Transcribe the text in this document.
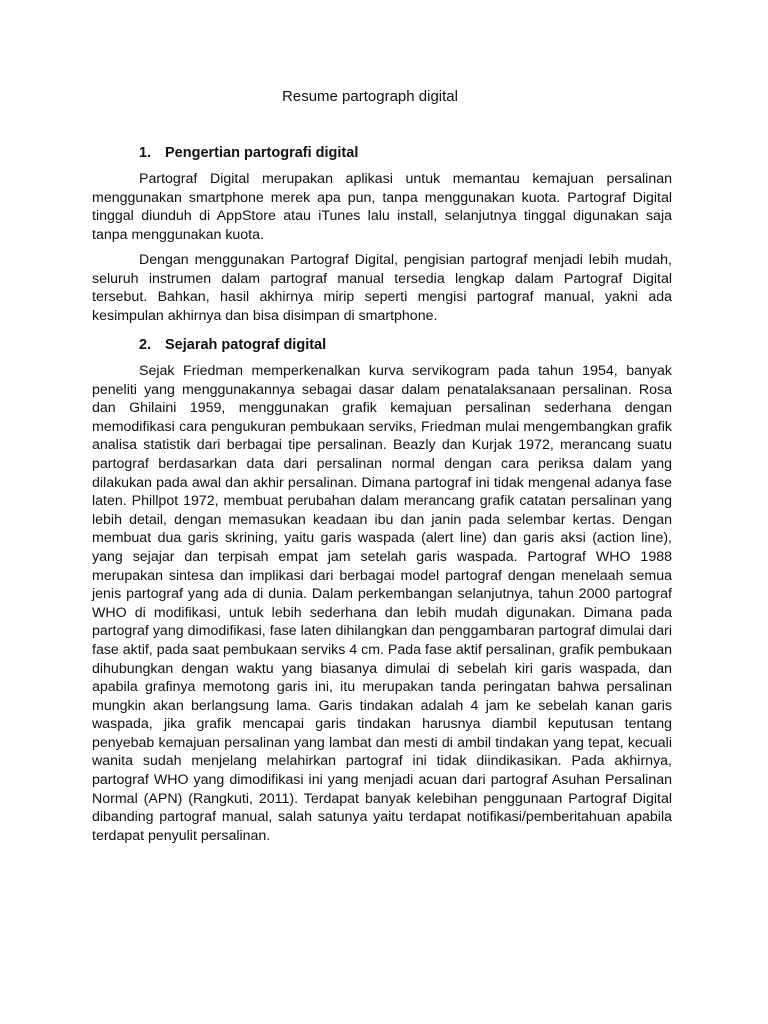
Resume partograph digital
1. Pengertian partografi digital

Partograf Digital merupakan aplikasi untuk memantau kemajuan persalinan menggunakan smartphone merek apa pun, tanpa menggunakan kuota. Partograf Digital tinggal diunduh di AppStore atau iTunes lalu install, selanjutnya tinggal digunakan saja tanpa menggunakan kuota.

Dengan menggunakan Partograf Digital, pengisian partograf menjadi lebih mudah, seluruh instrumen dalam partograf manual tersedia lengkap dalam Partograf Digital tersebut. Bahkan, hasil akhirnya mirip seperti mengisi partograf manual, yakni ada kesimpulan akhirnya dan bisa disimpan di smartphone.

2. Sejarah patograf digital

Sejak Friedman memperkenalkan kurva servikogram pada tahun 1954, banyak peneliti yang menggunakannya sebagai dasar dalam penatalaksanaan persalinan. Rosa dan Ghilaini 1959, menggunakan grafik kemajuan persalinan sederhana dengan memodifikasi cara pengukuran pembukaan serviks, Friedman mulai mengembangkan grafik analisa statistik dari berbagai tipe persalinan. Beazly dan Kurjak 1972, merancang suatu partograf berdasarkan data dari persalinan normal dengan cara periksa dalam yang dilakukan pada awal dan akhir persalinan. Dimana partograf ini tidak mengenal adanya fase laten. Phillpot 1972, membuat perubahan dalam merancang grafik catatan persalinan yang lebih detail, dengan memasukan keadaan ibu dan janin pada selembar kertas. Dengan membuat dua garis skrining, yaitu garis waspada (alert line) dan garis aksi (action line), yang sejajar dan terpisah empat jam setelah garis waspada. Partograf WHO 1988 merupakan sintesa dan implikasi dari berbagai model partograf dengan menelaah semua jenis partograf yang ada di dunia. Dalam perkembangan selanjutnya, tahun 2000 partograf WHO di modifikasi, untuk lebih sederhana dan lebih mudah digunakan. Dimana pada partograf yang dimodifikasi, fase laten dihilangkan dan penggambaran partograf dimulai dari fase aktif, pada saat pembukaan serviks 4 cm. Pada fase aktif persalinan, grafik pembukaan dihubungkan dengan waktu yang biasanya dimulai di sebelah kiri garis waspada, dan apabila grafinya memotong garis ini, itu merupakan tanda peringatan bahwa persalinan mungkin akan berlangsung lama. Garis tindakan adalah 4 jam ke sebelah kanan garis waspada, jika grafik mencapai garis tindakan harusnya diambil keputusan tentang penyebab kemajuan persalinan yang lambat dan mesti di ambil tindakan yang tepat, kecuali wanita sudah menjelang melahirkan partograf ini tidak diindikasikan. Pada akhirnya, partograf WHO yang dimodifikasi ini yang menjadi acuan dari partograf Asuhan Persalinan Normal (APN) (Rangkuti, 2011). Terdapat banyak kelebihan penggunaan Partograf Digital dibanding partograf manual, salah satunya yaitu terdapat notifikasi/pemberitahuan apabila terdapat penyulit persalinan.
